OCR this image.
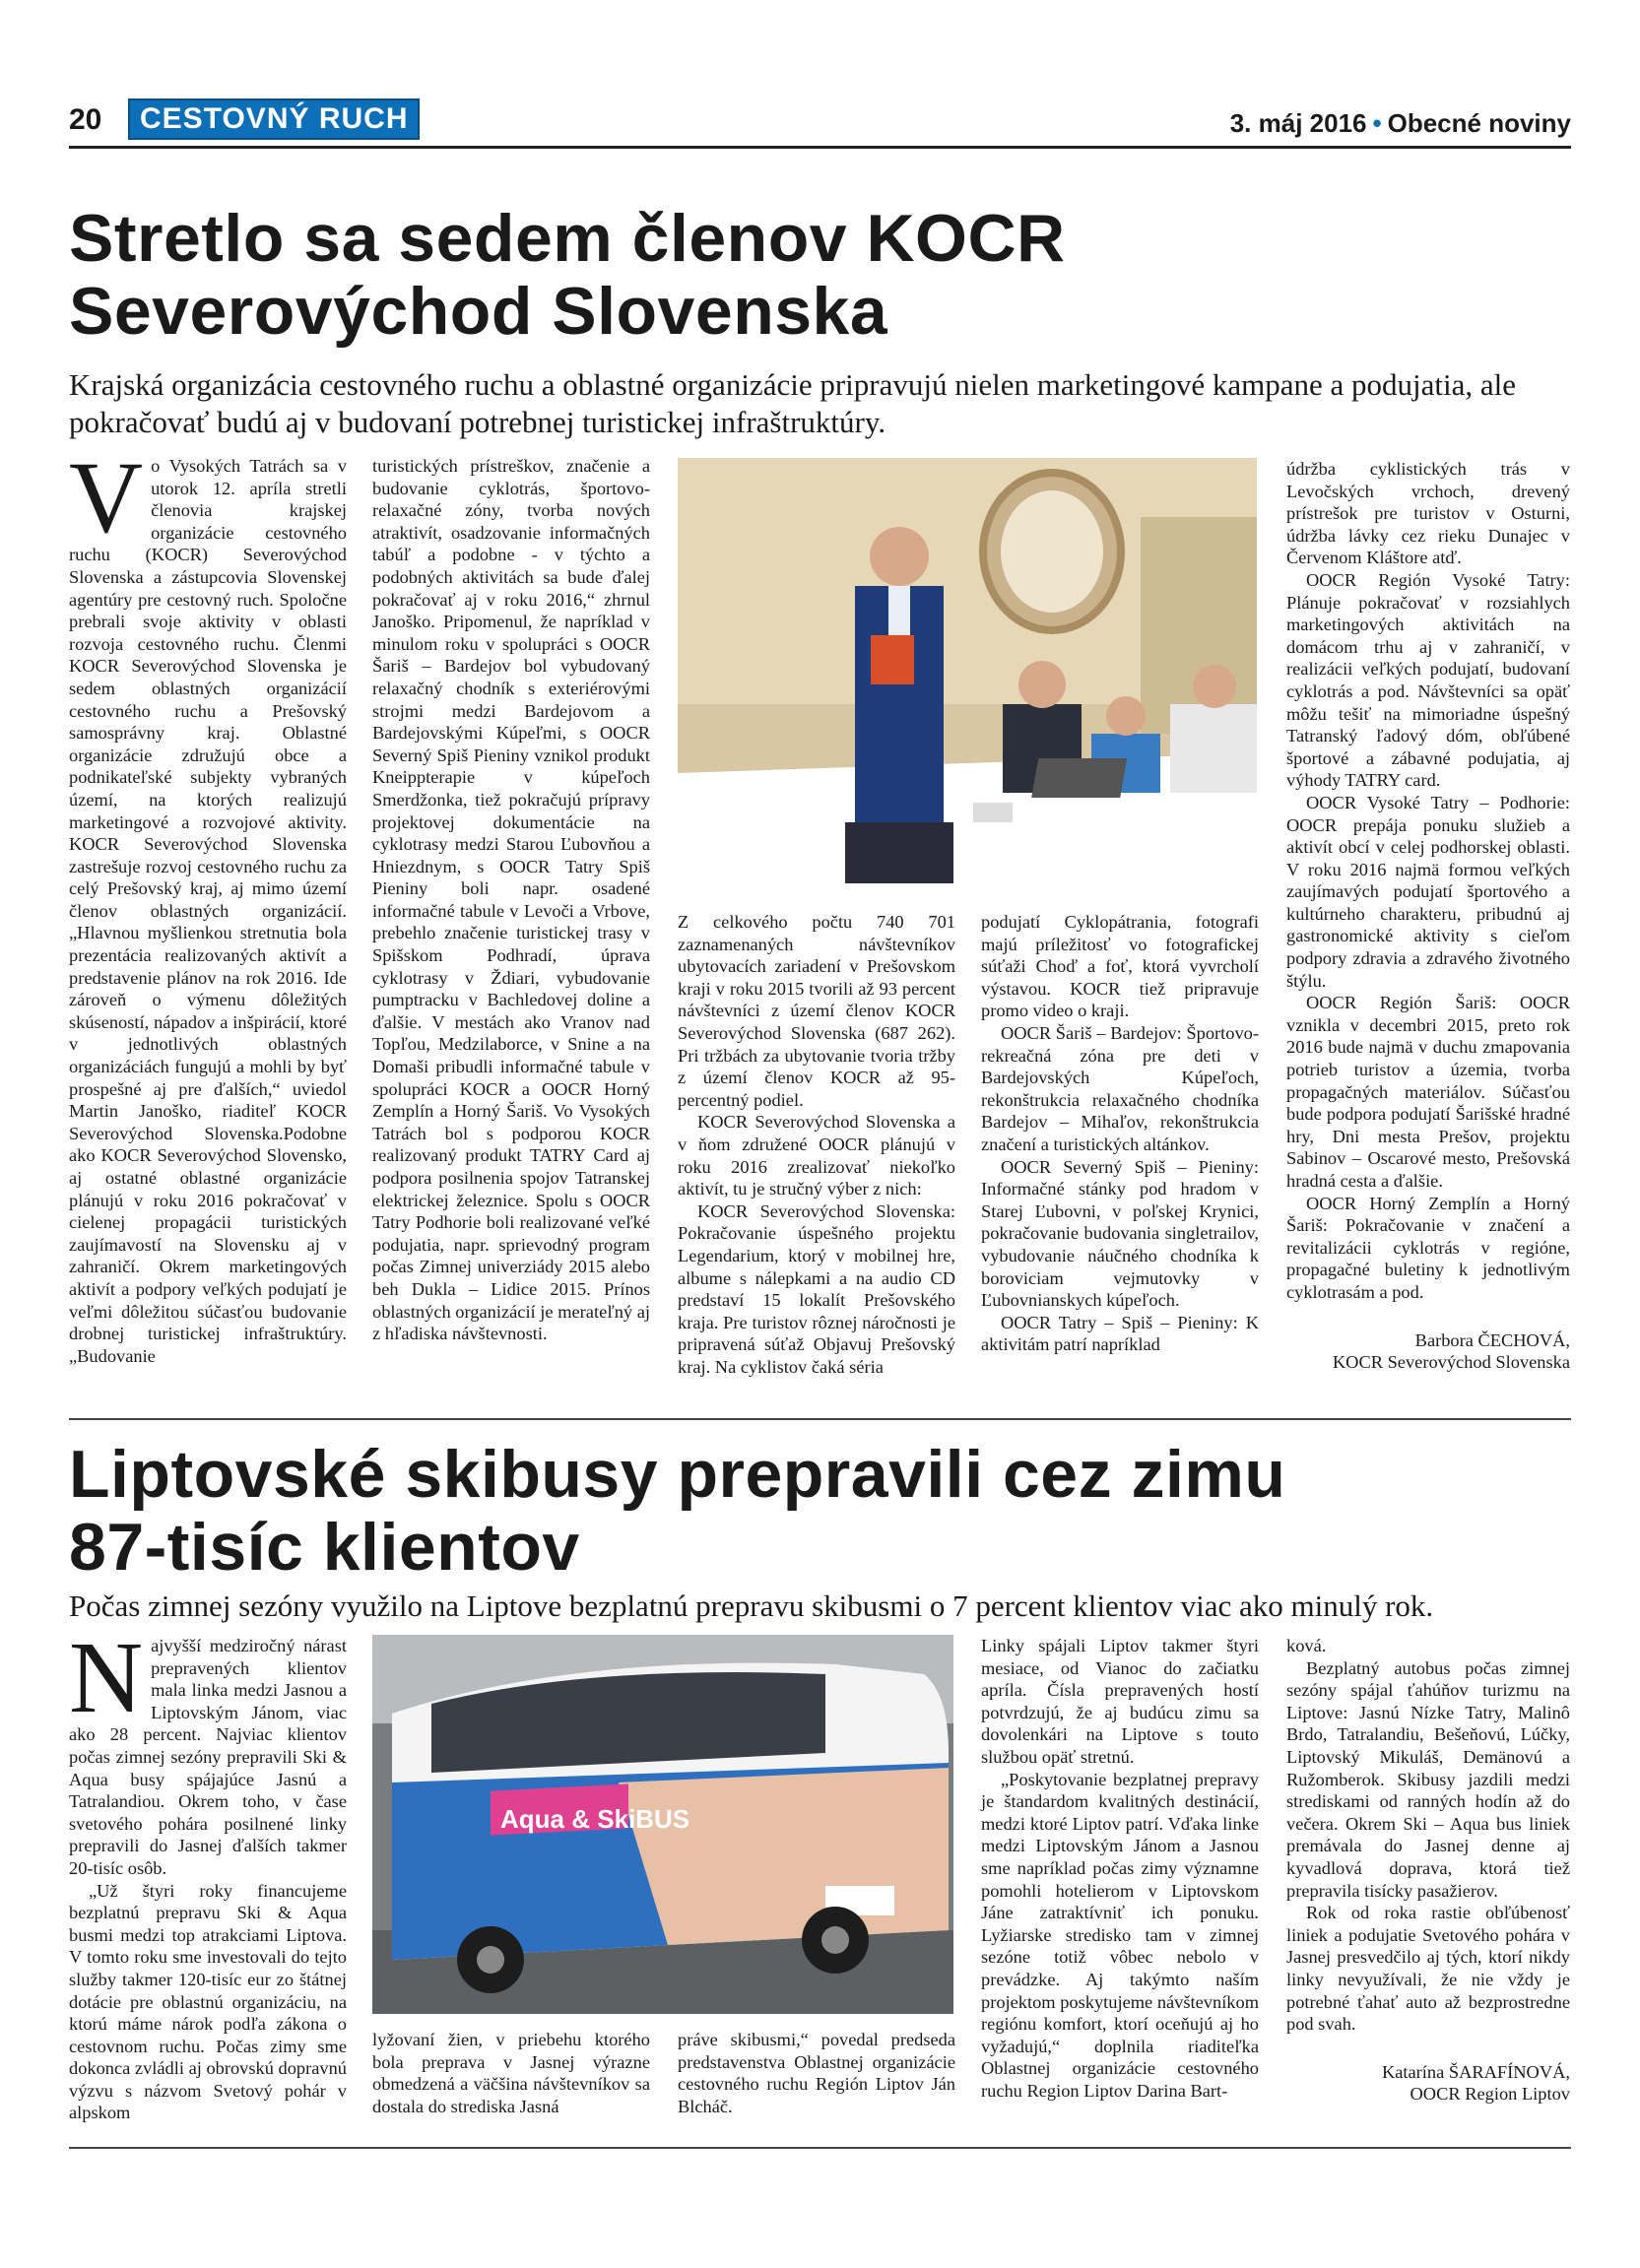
20	CESTOVNÝ RUCH	3. máj 2016 • Obecné noviny
Stretlo sa sedem členov KOCR
Severovýchod Slovenska
Krajská organizácia cestovného ruchu a oblastné organizácie pripravujú nielen marketingové kampane a podujatia, ale pokračovať budú aj v budovaní potrebnej turistickej infraštruktúry.
Vo Vysokých Tatrách sa v utorok 12. apríla stretli členovia krajskej organizácie cestovného ruchu (KOCR) Severovýchod Slovenska a zástupcovia Slovenskej agentúry pre cestovný ruch. Spoločne prebrali svoje aktivity v oblasti rozvoja cestovného ruchu. Členmi KOCR Severovýchod Slovenska je sedem oblastných organizácií cestovného ruchu a Prešovský samosprávny kraj. Oblastné organizácie združujú obce a podnikateľské subjekty vybraných území, na ktorých realizujú marketingové a rozvojové aktivity. KOCR Severovýchod Slovenska zastrešuje rozvoj cestovného ruchu za celý Prešovský kraj, aj mimo území členov oblastných organizácií. „Hlavnou myšlienkou stretnutia bola prezentácia realizovaných aktivít a predstavenie plánov na rok 2016. Ide zároveň o výmenu dôležitých skúseností, nápadov a inšpirácií, ktoré v jednotlivých oblastných organizáciách fungujú a mohli by byť prospešné aj pre ďalších,“ uviedol Martin Janoško, riaditeľ KOCR Severovýchod Slovenska.Podobne ako KOCR Severovýchod Slovensko, aj ostatné oblastné organizácie plánujú v roku 2016 pokračovať v cielenej propagácii turistických zaujímavostí na Slovensku aj v zahraničí. Okrem marketingových aktivít a podpory veľkých podujatí je veľmi dôležitou súčasťou budovanie drobnej turistickej infraštruktúry. „Budovanie
turistických prístreškov, značenie a budovanie cyklotrás, športovo-relaxačné zóny, tvorba nových atraktivít, osadzovanie informačných tabúľ a podobne - v týchto a podobných aktivitách sa bude ďalej pokračovať aj v roku 2016,“ zhrnul Janoško. Pripomenul, že napríklad v minulom roku v spolupráci s OOCR Šariš – Bardejov bol vybudovaný relaxačný chodník s exteriérovými strojmi medzi Bardejovom a Bardejovskými Kúpeľmi, s OOCR Severný Spiš Pieniny vznikol produkt Kneippterapie v kúpeľoch Smerdžonka, tiež pokračujú prípravy projektovej dokumentácie na cyklotrasy medzi Starou Ľubovňou a Hniezdnym, s OOCR Tatry Spiš Pieniny boli napr. osadené informačné tabule v Levoči a Vrbove, prebehlo značenie turistickej trasy v Spišskom Podhradí, úprava cyklotrasy v Ždiari, vybudovanie pumptracku v Bachledovej doline a ďalšie. V mestách ako Vranov nad Topľou, Medzilaborce, v Snine a na Domaši pribudli informačné tabule v spolupráci KOCR a OOCR Horný Zemplín a Horný Šariš. Vo Vysokých Tatrách bol s podporou KOCR realizovaný produkt TATRY Card aj podpora posilnenia spojov Tatranskej elektrickej železnice. Spolu s OOCR Tatry Podhorie boli realizované veľké podujatia, napr. sprievodný program počas Zimnej univerziády 2015 alebo beh Dukla – Lidice 2015. Prínos oblastných organizácií je merateľný aj z hľadiska návštevnosti.

Z celkového počtu 740 701 zaznamenaných návštevníkov ubytovacích zariadení v Prešovskom kraji v roku 2015 tvorili až 93 percent návštevníci z území členov KOCR Severovýchod Slovenska (687 262). Pri tržbách za ubytovanie tvoria tržby z území členov KOCR až 95-percentný podiel.

KOCR Severovýchod Slovenska a v ňom združené OOCR plánujú v roku 2016 zrealizovať niekoľko aktivít, tu je stručný výber z nich:

KOCR Severovýchod Slovenska: Pokračovanie úspešného projektu Legendarium, ktorý v mobilnej hre, albume s nálepkami a na audio CD predstaví 15 lokalít Prešovského kraja. Pre turistov rôznej náročnosti je pripravená súťaž Objavuj Prešovský kraj. Na cyklistov čaká séria

podujatí Cyklopátrania, fotografi majú príležitosť vo fotografickej súťaži Choď a foť, ktorá vyvrcholí výstavou. KOCR tiež pripravuje promo video o kraji.

OOCR Šariš – Bardejov: Športovo-rekreačná zóna pre deti v Bardejovských Kúpeľoch, rekonštrukcia relaxačného chodníka Bardejov – Mihaľov, rekonštrukcia značení a turistických altánkov.

OOCR Severný Spiš – Pieniny: Informačné stánky pod hradom v Starej Ľubovni, v poľskej Krynici, pokračovanie budovania singletrailov, vybudovanie náučného chodníka k boroviciam vejmutovky v Ľubovnianskych kúpeľoch.

OOCR Tatry – Spiš – Pieniny: K aktivitám patrí napríklad

údržba cyklistických trás v Levočských vrchoch, drevený prístrešok pre turistov v Osturni, údržba lávky cez rieku Dunajec v Červenom Kláštore atď.

OOCR Región Vysoké Tatry: Plánuje pokračovať v rozsiahlych marketingových aktivitách na domácom trhu aj v zahraničí, v realizácii veľkých podujatí, budovaní cyklotrás a pod. Návštevníci sa opäť môžu tešiť na mimoriadne úspešný Tatranský ľadový dóm, obľúbené športové a zábavné podujatia, aj výhody TATRY card.

OOCR Vysoké Tatry – Podhorie: OOCR prepája ponuku služieb a aktivít obcí v celej podhorskej oblasti. V roku 2016 najmä formou veľkých zaujímavých podujatí športového a kultúrneho charakteru, pribudnú aj gastronomické aktivity s cieľom podpory zdravia a zdravého životného štýlu.

OOCR Región Šariš: OOCR vznikla v decembri 2015, preto rok 2016 bude najmä v duchu zmapovania potrieb turistov a územia, tvorba propagačných materiálov. Súčasťou bude podpora podujatí Šarišské hradné hry, Dni mesta Prešov, projektu Sabinov – Oscarové mesto, Prešovská hradná cesta a ďalšie.

OOCR Horný Zemplín a Horný Šariš: Pokračovanie v značení a revitalizácii cyklotrás v regióne, propagačné buletiny k jednotlivým cyklotrasám a pod.

Barbora ČECHOVÁ,
KOCR Severovýchod Slovenska
Liptovské skibusy prepravili cez zimu
87-tisíc klientov
Počas zimnej sezóny využilo na Liptove bezplatnú prepravu skibusmi o 7 percent klientov viac ako minulý rok.
N ajvyšší medziročný nárast prepravených klientov mala linka medzi Jasnou a Liptovským Jánom, viac ako 28 percent. Najviac klientov počas zimnej sezóny prepravili Ski & Aqua busy spájajúce Jasnú a Tatralandiou. Okrem toho, v čase svetového pohára posilnené linky prepravili do Jasnej ďalších takmer 20-tisíc osôb.

„Už štyri roky financujeme bezplatnú prepravu Ski & Aqua busmi medzi top atrakciami Liptova. V tomto roku sme investovali do tejto služby takmer 120-tisíc eur zo štátnej dotácie pre oblastnú organizáciu, na ktorú máme nárok podľa zákona o cestovnom ruchu. Počas zimy sme dokonca zvládli aj obrovskú dopravnú výzvu s názvom Svetový pohár v alpskom

Aqua & SkiBUS
lyžovaní žien, v priebehu ktorého bola preprava v Jasnej výrazne obmedzená a väčšina návštevníkov sa dostala do strediska Jasná
práve skibusmi,“ povedal predseda predstavenstva Oblastnej organizácie cestovného ruchu Región Liptov Ján Blcháč.

Linky spájali Liptov takmer štyri mesiace, od Vianoc do začiatku apríla. Čísla prepravených hostí potvrdzujú, že aj budúcu zimu sa dovolenkári na Liptove s touto službou opäť stretnú.

„Poskytovanie bezplatnej prepravy je štandardom kvalitných destinácií, medzi ktoré Liptov patrí. Vďaka linke medzi Liptovským Jánom a Jasnou sme napríklad počas zimy významne pomohli hotelierom v Liptovskom Jáne zatraktívniť ich ponuku. Lyžiarske stredisko tam v zimnej sezóne totiž vôbec nebolo v prevádzke. Aj takýmto naším projektom poskytujeme návštevníkom regiónu komfort, ktorí oceňujú aj ho vyžadujú,“ doplnila riaditeľka Oblastnej organizácie cestovného ruchu Region Liptov Darina Bart-

ková.

Bezplatný autobus počas zimnej sezóny spájal ťahúňov turizmu na Liptove: Jasnú Nízke Tatry, Malinô Brdo, Tatralandiu, Bešeňovú, Lúčky, Liptovský Mikuláš, Demänovú a Ružomberok. Skibusy jazdili medzi strediskami od ranných hodín až do večera. Okrem Ski – Aqua bus liniek premávala do Jasnej denne aj kyvadlová doprava, ktorá tiež prepravila tisícky pasažierov.

Rok od roka rastie obľúbenosť liniek a podujatie Svetového pohára v Jasnej presvedčilo aj tých, ktorí nikdy linky nevyužívali, že nie vždy je potrebné ťahať auto až bezprostredne pod svah.

Katarína ŠARAFÍNOVÁ,
OOCR Region Liptov
